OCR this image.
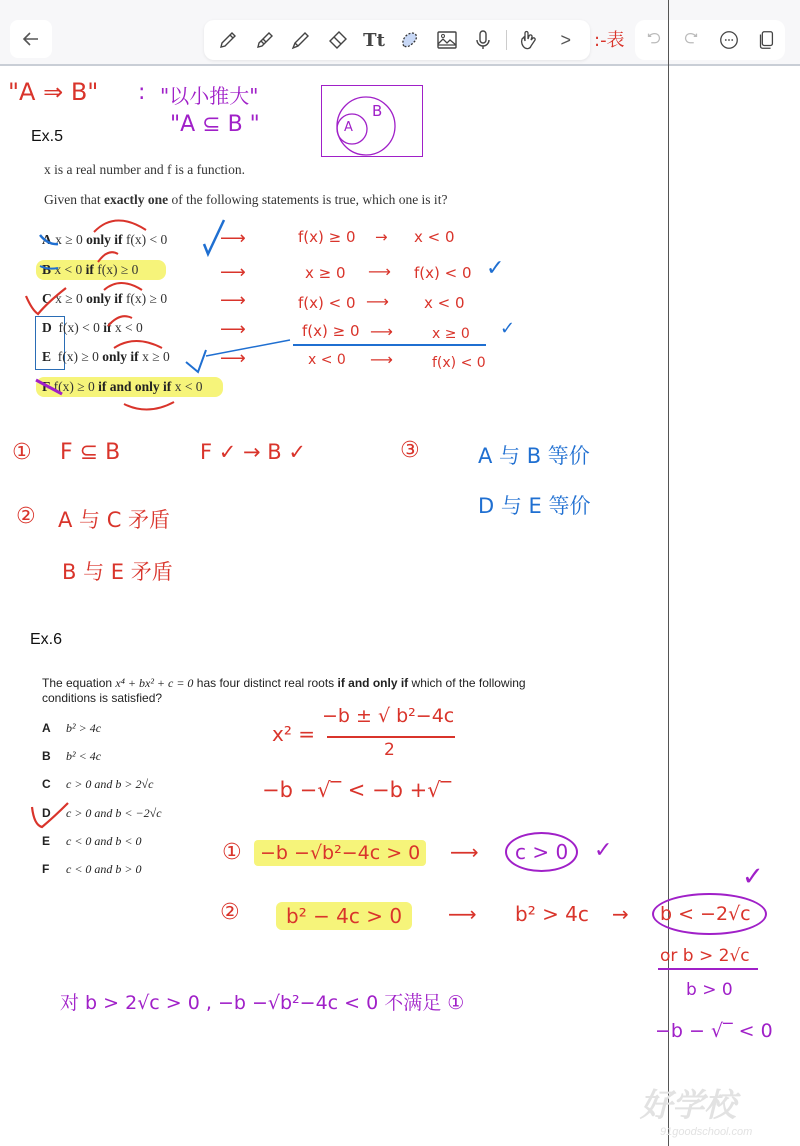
Tt	> :-表
"A ⇒ B" : "以小推大"
"A ⊆ B "
B
A
Ex.5
x is a real number and f is a function.
Given that exactly one of the following statements is true, which one is it?
A x ≥ 0 only if f(x) < 0
B x < 0 if f(x) ≥ 0
C x ≥ 0 only if f(x) ≥ 0
D f(x) < 0 if x < 0
E f(x) ≥ 0 only if x ≥ 0
F f(x) ≥ 0 if and only if x < 0
⟶
⟶
⟶
⟶
⟶
f(x) ≥ 0 → x < 0
x ≥ 0 ⟶ f(x) < 0 ✓
f(x) < 0 ⟶ x < 0
f(x) ≥ 0 ⟶	x ≥ 0 ✓
x < 0 ⟶	f(x) < 0
① F ⊆ B	F ✓ → B ✓	③	A 与 B 等价
D 与 E 等价
② A 与 C 矛盾
B 与 E 矛盾
Ex.6
The equation x⁴ + bx² + c = 0 has four distinct real roots if and only if which of the following
conditions is satisfied?
A b² > 4c
B b² < 4c
C c > 0 and b > 2√c
D c > 0 and b < −2√c
E c < 0 and b < 0
F c < 0 and b > 0
x² =
−b ± √ b²−4c
2
−b −√‾ < −b +√‾
① −b −√b²−4c > 0	⟶	c > 0	✓
②	b² − 4c > 0	⟶ b² > 4c →	b < −2√c
✓
or b > 2√c
b > 0
−b − √‾ < 0
对 b > 2√c > 0 , −b −√b²−4c < 0 不满足 ①
好学校
91goodschool.com
